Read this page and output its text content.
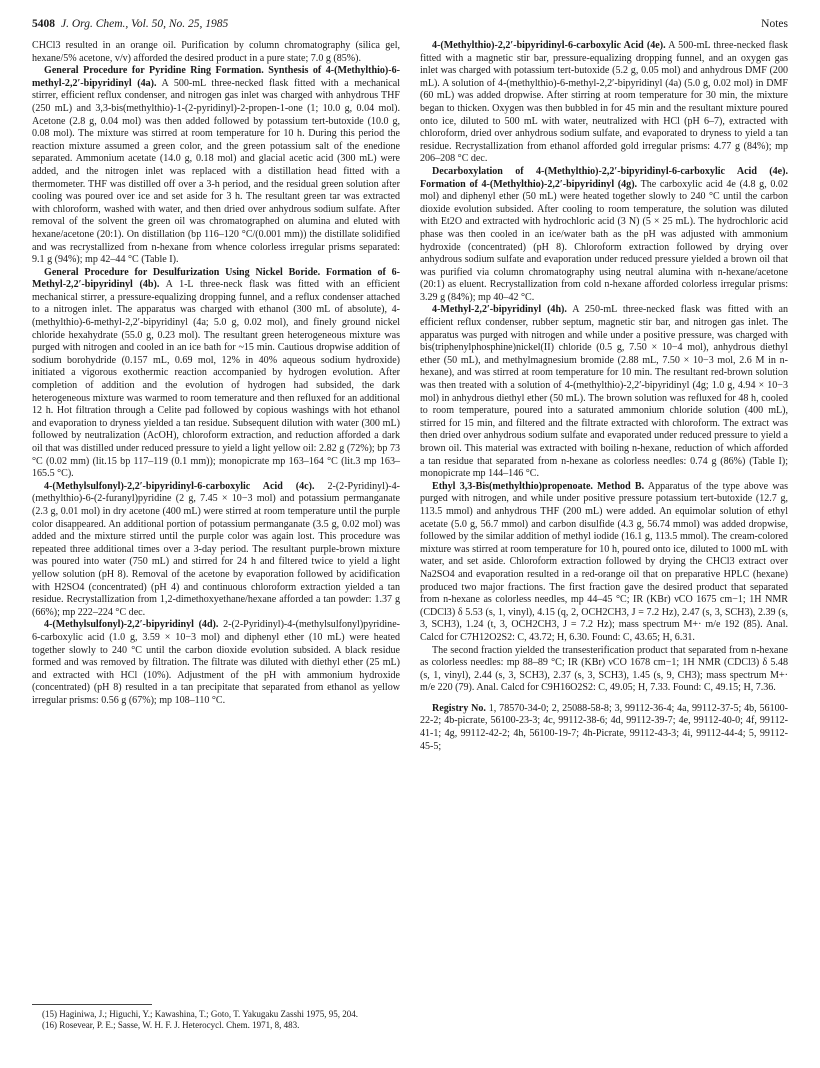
5408 J. Org. Chem., Vol. 50, No. 25, 1985	Notes

CHCl3 resulted in an orange oil. Purification by column chromatography (silica gel, hexane/5% acetone, v/v) afforded the desired product in a pure state; 7.0 g (85%).

General Procedure for Pyridine Ring Formation. Synthesis of 4-(Methylthio)-6-methyl-2,2′-bipyridinyl (4a). A 500-mL three-necked flask fitted with a mechanical stirrer, efficient reflux condenser, and nitrogen gas inlet was charged with anhydrous THF (250 mL) and 3,3-bis(methylthio)-1-(2-pyridinyl)-2-propen-1-one (1; 10.0 g, 0.04 mol). Acetone (2.8 g, 0.04 mol) was then added followed by potassium tert-butoxide (10.0 g, 0.08 mol). The mixture was stirred at room temperature for 10 h. During this period the reaction mixture assumed a green color, and the green potassium salt of the enedione separated. Ammonium acetate (14.0 g, 0.18 mol) and glacial acetic acid (300 mL) were added, and the nitrogen inlet was replaced with a distillation head fitted with a thermometer. THF was distilled off over a 3-h period, and the residual green solution after cooling was poured over ice and set aside for 3 h. The resultant green tar was extracted with chloroform, washed with water, and then dried over anhydrous sodium sulfate. After removal of the solvent the green oil was chromatographed on alumina and eluted with hexane/acetone (20:1). On distillation (bp 116–120 °C/(0.001 mm)) the distillate solidified and was recrystallized from n-hexane from whence colorless irregular prisms separated: 9.1 g (94%); mp 42–44 °C (Table I).

General Procedure for Desulfurization Using Nickel Boride. Formation of 6-Methyl-2,2′-bipyridinyl (4b). A 1-L three-neck flask was fitted with an efficient mechanical stirrer, a pressure-equalizing dropping funnel, and a reflux condenser attached to a nitrogen inlet. The apparatus was charged with ethanol (300 mL of absolute), 4-(methylthio)-6-methyl-2,2′-bipyridinyl (4a; 5.0 g, 0.02 mol), and finely ground nickel chloride hexahydrate (55.0 g, 0.23 mol). The resultant green heterogeneous mixture was purged with nitrogen and cooled in an ice bath for ~15 min. Cautious dropwise addition of sodium borohydride (0.157 mL, 0.69 mol, 12% in 40% aqueous sodium hydroxide) initiated a vigorous exothermic reaction accompanied by hydrogen evolution. After completion of addition and the evolution of hydrogen had subsided, the dark heterogeneous mixture was warmed to room temerature and then refluxed for an additional 12 h. Hot filtration through a Celite pad followed by copious washings with hot ethanol and evaporation to dryness yielded a tan residue. Subsequent dilution with water (300 mL) followed by neutralization (AcOH), chloroform extraction, and reduction afforded a dark oil that was distilled under reduced pressure to yield a light yellow oil: 2.82 g (72%); bp 73 °C (0.02 mm) (lit.15 bp 117–119 (0.1 mm)); monopicrate mp 163–164 °C (lit.3 mp 163–165.5 °C).

4-(Methylsulfonyl)-2,2′-bipyridinyl-6-carboxylic Acid (4c). 2-(2-Pyridinyl)-4-(methylthio)-6-(2-furanyl)pyridine (2 g, 7.45 × 10−3 mol) and potassium permanganate (2.3 g, 0.01 mol) in dry acetone (400 mL) were stirred at room temperature until the purple color disappeared. An additional portion of potassium permanganate (3.5 g, 0.02 mol) was added and the mixture stirred until the purple color was again lost. This procedure was repeated three additional times over a 3-day period. The resultant purple-brown mixture was poured into water (750 mL) and stirred for 24 h and filtered twice to yield a light yellow solution (pH 8). Removal of the acetone by evaporation followed by acidification with H2SO4 (concentrated) (pH 4) and continuous chloroform extraction yielded a tan residue. Recrystallization from 1,2-dimethoxyethane/hexane afforded a tan powder: 1.37 g (66%); mp 222–224 °C dec.

4-(Methylsulfonyl)-2,2′-bipyridinyl (4d). 2-(2-Pyridinyl)-4-(methylsulfonyl)pyridine-6-carboxylic acid (1.0 g, 3.59 × 10−3 mol) and diphenyl ether (10 mL) were heated together slowly to 240 °C until the carbon dioxide evolution subsided. A black residue formed and was removed by filtration. The filtrate was diluted with diethyl ether (25 mL) and extracted with HCl (10%). Adjustment of the pH with ammonium hydroxide (concentrated) (pH 8) resulted in a tan precipitate that separated from ethanol as yellow irregular prisms: 0.56 g (67%); mp 108–110 °C.

4-(Methylthio)-2,2′-bipyridinyl-6-carboxylic Acid (4e). A 500-mL three-necked flask fitted with a magnetic stir bar, pressure-equalizing dropping funnel, and an oxygen gas inlet was charged with potassium tert-butoxide (5.2 g, 0.05 mol) and anhydrous DMF (200 mL). A solution of 4-(methylthio)-6-methyl-2,2′-bipyridinyl (4a) (5.0 g, 0.02 mol) in DMF (60 mL) was added dropwise. After stirring at room temperature for 30 min, the mixture began to thicken. Oxygen was then bubbled in for 45 min and the resultant mixture poured onto ice, diluted to 500 mL with water, neutralized with HCl (pH 6–7), extracted with chloroform, dried over anhydrous sodium sulfate, and evaporated to dryness to yield a tan residue. Recrystallization from ethanol afforded gold irregular prisms: 4.77 g (84%); mp 206–208 °C dec.

Decarboxylation of 4-(Methylthio)-2,2′-bipyridinyl-6-carboxylic Acid (4e). Formation of 4-(Methylthio)-2,2′-bipyridinyl (4g). The carboxylic acid 4e (4.8 g, 0.02 mol) and diphenyl ether (50 mL) were heated together slowly to 240 °C until the carbon dioxide evolution subsided. After cooling to room temperature, the solution was diluted with Et2O and extracted with hydrochloric acid (3 N) (5 × 25 mL). The hydrochloric acid phase was then cooled in an ice/water bath as the pH was adjusted with ammonium hydroxide (concentrated) (pH 8). Chloroform extraction followed by drying over anhydrous sodium sulfate and evaporation under reduced pressure yielded a brown oil that was purified via column chromatography using neutral alumina with n-hexane/acetone (20:1) as eluent. Recrystallization from cold n-hexane afforded colorless irregular prisms: 3.29 g (84%); mp 40–42 °C.

4-Methyl-2,2′-bipyridinyl (4h). A 250-mL three-necked flask was fitted with an efficient reflux condenser, rubber septum, magnetic stir bar, and nitrogen gas inlet. The apparatus was purged with nitrogen and while under a positive pressure, was charged with bis(triphenylphosphine)nickel(II) chloride (0.5 g, 7.50 × 10−4 mol), anhydrous diethyl ether (50 mL), and methylmagnesium bromide (2.88 mL, 7.50 × 10−3 mol, 2.6 M in n-hexane), and was stirred at room temperature for 10 min. The resultant red-brown solution was then treated with a solution of 4-(methylthio)-2,2′-bipyridinyl (4g; 1.0 g, 4.94 × 10−3 mol) in anhydrous diethyl ether (50 mL). The brown solution was refluxed for 48 h, cooled to room temperature, poured into a saturated ammonium chloride solution (400 mL), stirred for 15 min, and filtered and the filtrate extracted with chloroform. The extract was then dried over anhydrous sodium sulfate and evaporated under reduced pressure to yield a brown oil. This material was extracted with boiling n-hexane, reduction of which afforded a tan residue that separated from n-hexane as colorless needles: 0.74 g (86%) (Table I); monopicrate mp 144–146 °C.

Ethyl 3,3-Bis(methylthio)propenoate. Method B. Apparatus of the type above was purged with nitrogen, and while under positive pressure potassium tert-butoxide (12.7 g, 113.5 mmol) and anhydrous THF (200 mL) were added. An equimolar solution of ethyl acetate (5.0 g, 56.7 mmol) and carbon disulfide (4.3 g, 56.74 mmol) was added dropwise, followed by the similar addition of methyl iodide (16.1 g, 113.5 mmol). The cream-colored mixture was stirred at room temperature for 10 h, poured onto ice, diluted to 1000 mL with water, and set aside. Chloroform extraction followed by drying the CHCl3 extract over Na2SO4 and evaporation resulted in a red-orange oil that on preparative HPLC (hexane) produced two major fractions. The first fraction gave the desired product that separated from n-hexane as colorless needles, mp 44–45 °C; IR (KBr) νCO 1675 cm−1; 1H NMR (CDCl3) δ 5.53 (s, 1, vinyl), 4.15 (q, 2, OCH2CH3, J = 7.2 Hz), 2.47 (s, 3, SCH3), 2.39 (s, 3, SCH3), 1.24 (t, 3, OCH2CH3, J = 7.2 Hz); mass spectrum M+· m/e 192 (85). Anal. Calcd for C7H12O2S2: C, 43.72; H, 6.30. Found: C, 43.65; H, 6.31.

The second fraction yielded the transesterification product that separated from n-hexane as colorless needles: mp 88–89 °C; IR (KBr) νCO 1678 cm−1; 1H NMR (CDCl3) δ 5.48 (s, 1, vinyl), 2.44 (s, 3, SCH3), 2.37 (s, 3, SCH3), 1.45 (s, 9, CH3); mass spectrum M+· m/e 220 (79). Anal. Calcd for C9H16O2S2: C, 49.05; H, 7.33. Found: C, 49.15; H, 7.36.

Registry No. 1, 78570-34-0; 2, 25088-58-8; 3, 99112-36-4; 4a, 99112-37-5; 4b, 56100-22-2; 4b-picrate, 56100-23-3; 4c, 99112-38-6; 4d, 99112-39-7; 4e, 99112-40-0; 4f, 99112-41-1; 4g, 99112-42-2; 4h, 56100-19-7; 4h-Picrate, 99112-43-3; 4i, 99112-44-4; 5, 99112-45-5;

(15) Haginiwa, J.; Higuchi, Y.; Kawashina, T.; Goto, T. Yakugaku Zasshi 1975, 95, 204.
(16) Rosevear, P. E.; Sasse, W. H. F. J. Heterocycl. Chem. 1971, 8, 483.
